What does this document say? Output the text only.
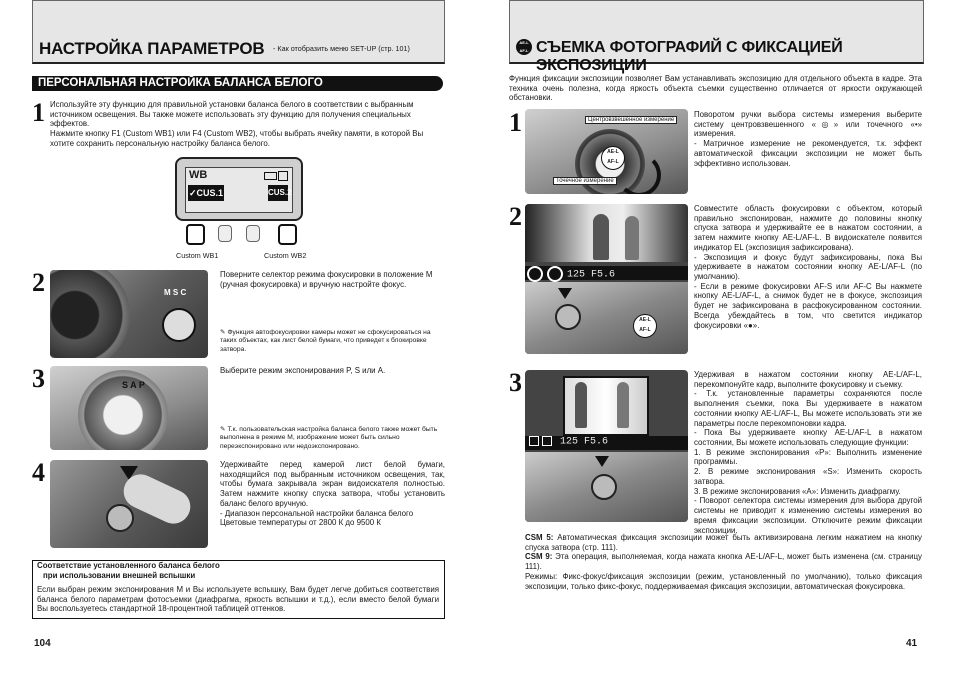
НАСТРОЙКА ПАРАМЕТРОВ - Как отобразить меню SET-UP (стр. 101)
ПЕРСОНАЛЬНАЯ НАСТРОЙКА БАЛАНСА БЕЛОГО
1 Используйте эту функцию для правильной установки баланса белого в соответствии с выбранным источником освещения. Вы также можете использовать эту функцию для получения специальных эффектов.

Нажмите кнопку F1 (Custom WB1) или F4 (Custom WB2), чтобы выбрать ячейку памяти, в которой Вы хотите сохранить персональную настройку баланса белого.

WB
✓CUS.1	CUS.2
Custom WB1	Custom WB2
2	M S C
Поверните селектор режима фокусировки в положение M (ручная фокусировка) и вручную настройте фокус.
✎ Функция автофокусировки камеры может не сфокусироваться на таких объектах, как лист белой бумаги, что приведет к блокировке затвора.
3	S A P
Выберите режим экспонирования P, S или A.
✎ Т.к. пользовательская настройка баланса белого также может быть выполнена в режиме M, изображение может быть сильно переэкспонировано или недоэкспонировано.
4	Удерживайте перед камерой лист белой бумаги, находящийся под выбранным источником освещения, так, чтобы бумага закрывала экран видоискателя полностью. Затем нажмите кнопку спуска затвора, чтобы установить баланс белого вручную.

- Диапазон персональной настройки баланса белого

Цветовые температуры от 2800 К до 9500 К

Соответствие установленного баланса белого

при использовании внешней вспышки

Если выбран режим экспонирования M и Вы используете вспышку, Вам будет легче добиться соответствия баланса белого параметрам фотосъемки (диафрагма, яркость вспышки и т.д.), если вместо белой бумаги Вы воспользуетесь стандартной 18-процентной таблицей оттенков.
104
AE-L AF-L СЪЕМКА ФОТОГРАФИЙ С ФИКСАЦИЕЙ ЭКСПОЗИЦИИ
Функция фиксации экспозиции позволяет Вам устанавливать экспозицию для отдельного объекта в кадре. Эта техника очень полезна, когда яркость объекта съемки существенно отличается от яркости окружающей обстановки.
1
AE-L
AF-L
Центровзвешенное измерение
Точечное измерение

Поворотом ручки выбора системы измерения выберите систему центровзвешенного «◎» или точечного «•» измерения.

- Матричное измерение не рекомендуется, т.к. эффект автоматической фиксации экспозиции не может быть эффективно использован.

2
125 F5.6
AE-L
AF-L

Совместите область фокусировки с объектом, который правильно экспонирован, нажмите до половины кнопку спуска затвора и удерживайте ее в нажатом состоянии, а затем нажмите кнопку AE-L/AF-L. В видоискателе появится индикатор EL (экспозиция зафиксирована).

- Экспозиция и фокус будут зафиксированы, пока Вы удерживаете в нажатом состоянии кнопку AE-L/AF-L (по умолчанию).

- Если в режиме фокусировки AF-S или AF-C Вы нажмете кнопку AE-L/AF-L, а снимок будет не в фокусе, экспозиция будет не зафиксирована в расфокусированном состоянии. Всегда убеждайтесь в том, что светится индикатор фокусировки «●».

3
125 F5.6

Удерживая в нажатом состоянии кнопку AE-L/AF-L, перекомпонуйте кадр, выполните фокусировку и съемку.

- Т.к. установленные параметры сохраняются после выполнения съемки, пока Вы удерживаете в нажатом состоянии кнопку AE-L/AF-L, Вы можете использовать эти же параметры после перекомпоновки кадра.

- Пока Вы удерживаете кнопку AE-L/AF-L в нажатом состоянии, Вы можете использовать следующие функции:

1. В режиме экспонирования «P»: Выполнить изменение программы.

2. В режиме экспонирования «S»: Изменить скорость затвора.

3. В режиме экспонирования «A»: Изменить диафрагму.

- Поворот селектора системы измерения для выбора другой системы не приводит к изменению системы измерения во время фиксации экспозиции. Отключите режим фиксации экспозиции.

CSM 5: Автоматическая фиксация экспозиции может быть активизирована легким нажатием на кнопку спуска затвора (стр. 111).

CSM 9: Эта операция, выполняемая, когда нажата кнопка AE-L/AF-L, может быть изменена (см. страницу 111).

Режимы: Фикс-фокус/фиксация экспозиции (режим, установленный по умолчанию), только фиксация экспозиции, только фикс-фокус, поддерживаемая фиксация экспозиции, автоматическая фокусировка.

41
